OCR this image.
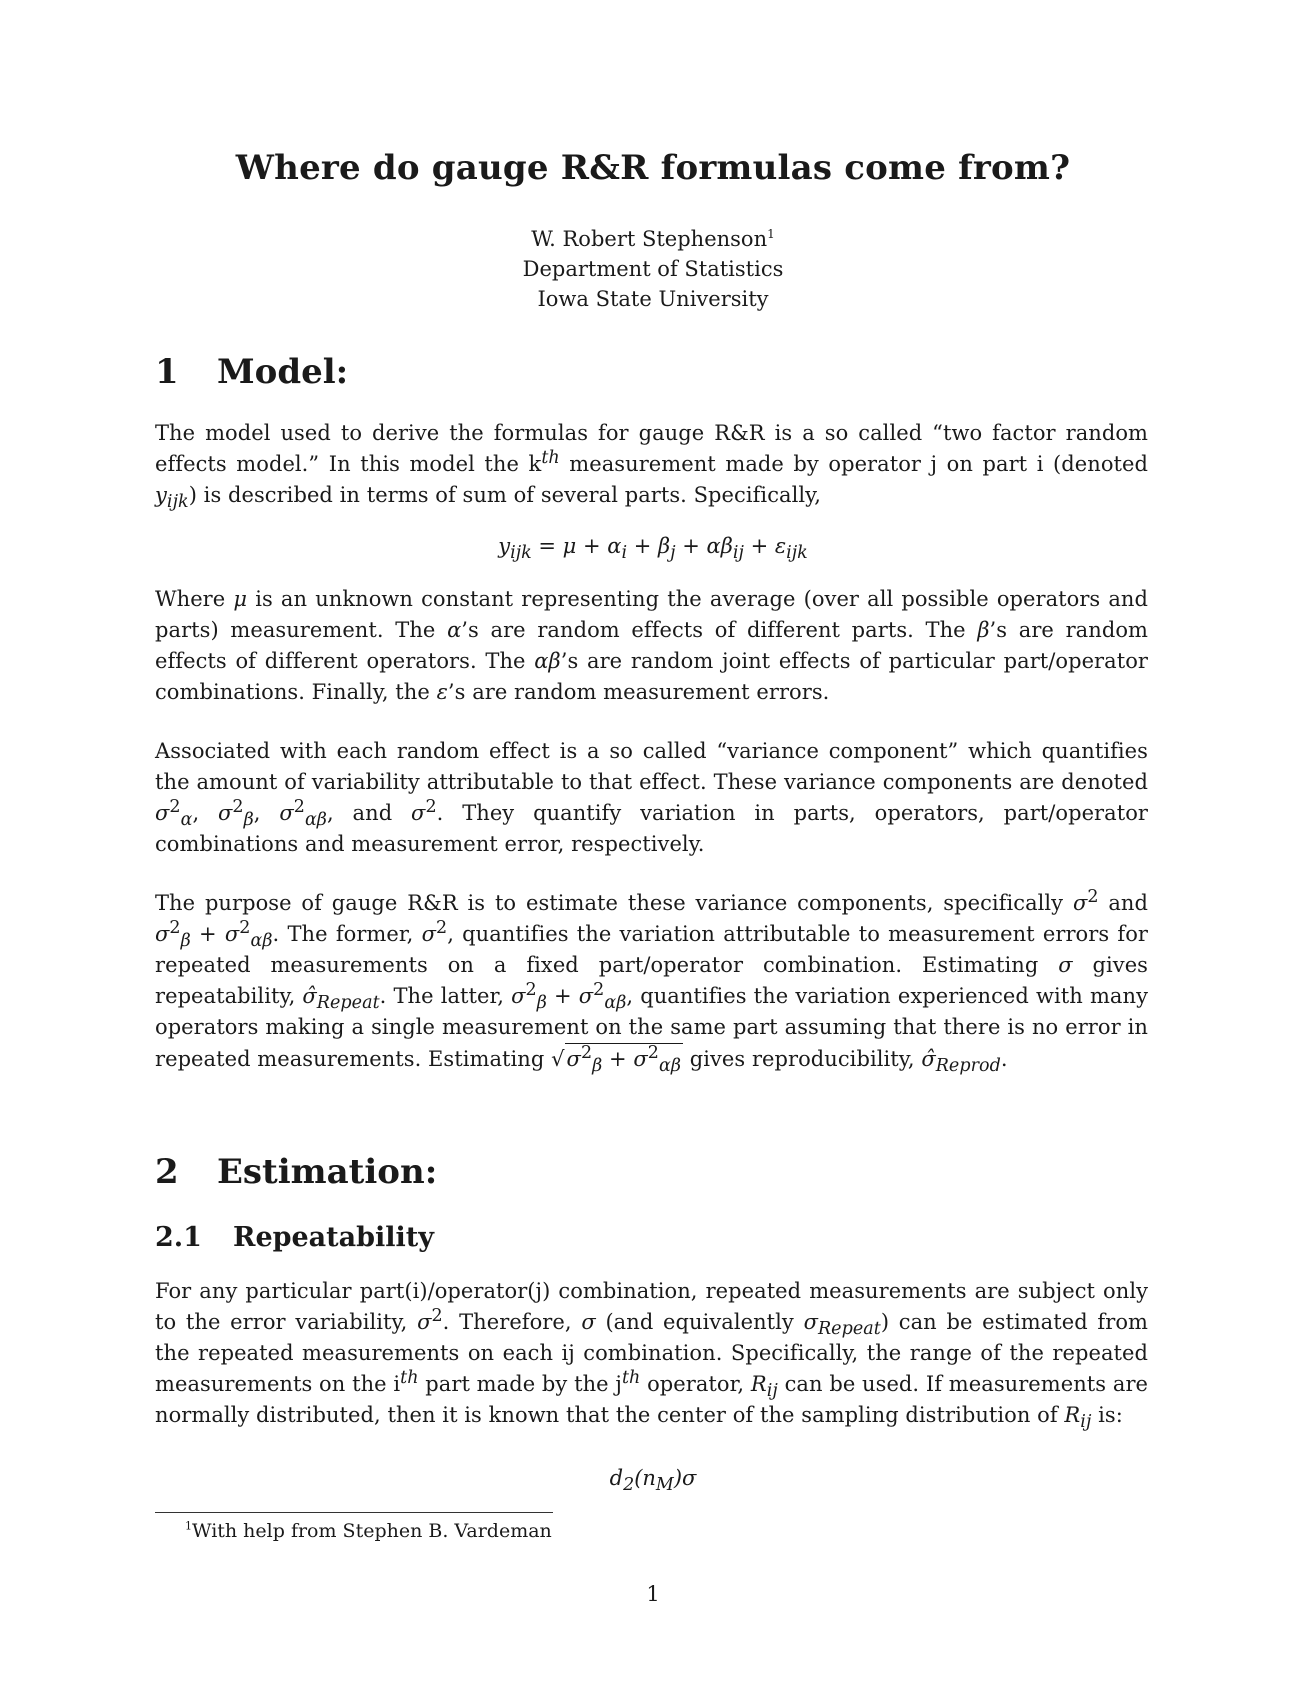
Where do gauge R&R formulas come from?
W. Robert Stephenson$^1$
Department of Statistics
Iowa State University
1 Model:
The model used to derive the formulas for gauge R&R is a so called “two factor random effects model.” In this model the $k^{th}$ measurement made by operator j on part i (denoted $y_{ijk}$) is described in terms of sum of several parts. Specifically,
$y_{ijk} = \mu + \alpha_i + \beta_j + \alpha\beta_{ij} + \varepsilon_{ijk}$
Where μ is an unknown constant representing the average (over all possible operators and parts) measurement. The α’s are random effects of different parts. The β’s are random effects of different operators. The αβ’s are random joint effects of particular part/operator combinations. Finally, the ε’s are random measurement errors.
Associated with each random effect is a so called “variance component” which quantifies the amount of variability attributable to that effect. These variance components are denoted $\sigma^2_\alpha$, $\sigma^2_\beta$, $\sigma^2_{\alpha\beta}$, and $\sigma^2$. They quantify variation in parts, operators, part/operator combinations and measurement error, respectively.
The purpose of gauge R&R is to estimate these variance components, specifically $\sigma^2$ and $\sigma^2_\beta + \sigma^2_{\alpha\beta}$. The former, $\sigma^2$, quantifies the variation attributable to measurement errors for repeated measurements on a fixed part/operator combination. Estimating σ gives repeatability, $\sigmâ_{Repeat}$. The latter, $\sigma^2_\beta + \sigma^2_{\alpha\beta}$, quantifies the variation experienced with many operators making a single measurement on the same part assuming that there is no error in repeated measurements. Estimating $√\sigma^2_\beta + \sigma^2_{\alpha\beta}$ gives reproducibility, $\sigmâ_{Reprod}$.
2 Estimation:
2.1 Repeatability
For any particular part(i)/operator(j) combination, repeated measurements are subject only to the error variability, $\sigma^2$. Therefore, σ (and equivalently $\sigma_{Repeat}$) can be estimated from the repeated measurements on each ij combination. Specifically, the range of the repeated measurements on the $i^{th}$ part made by the $j^{th}$ operator, $R_{ij}$ can be used. If measurements are normally distributed, then it is known that the center of the sampling distribution of $R_{ij}$ is:
$d_2(n_M)\sigma$
$^1$With help from Stephen B. Vardeman
1
